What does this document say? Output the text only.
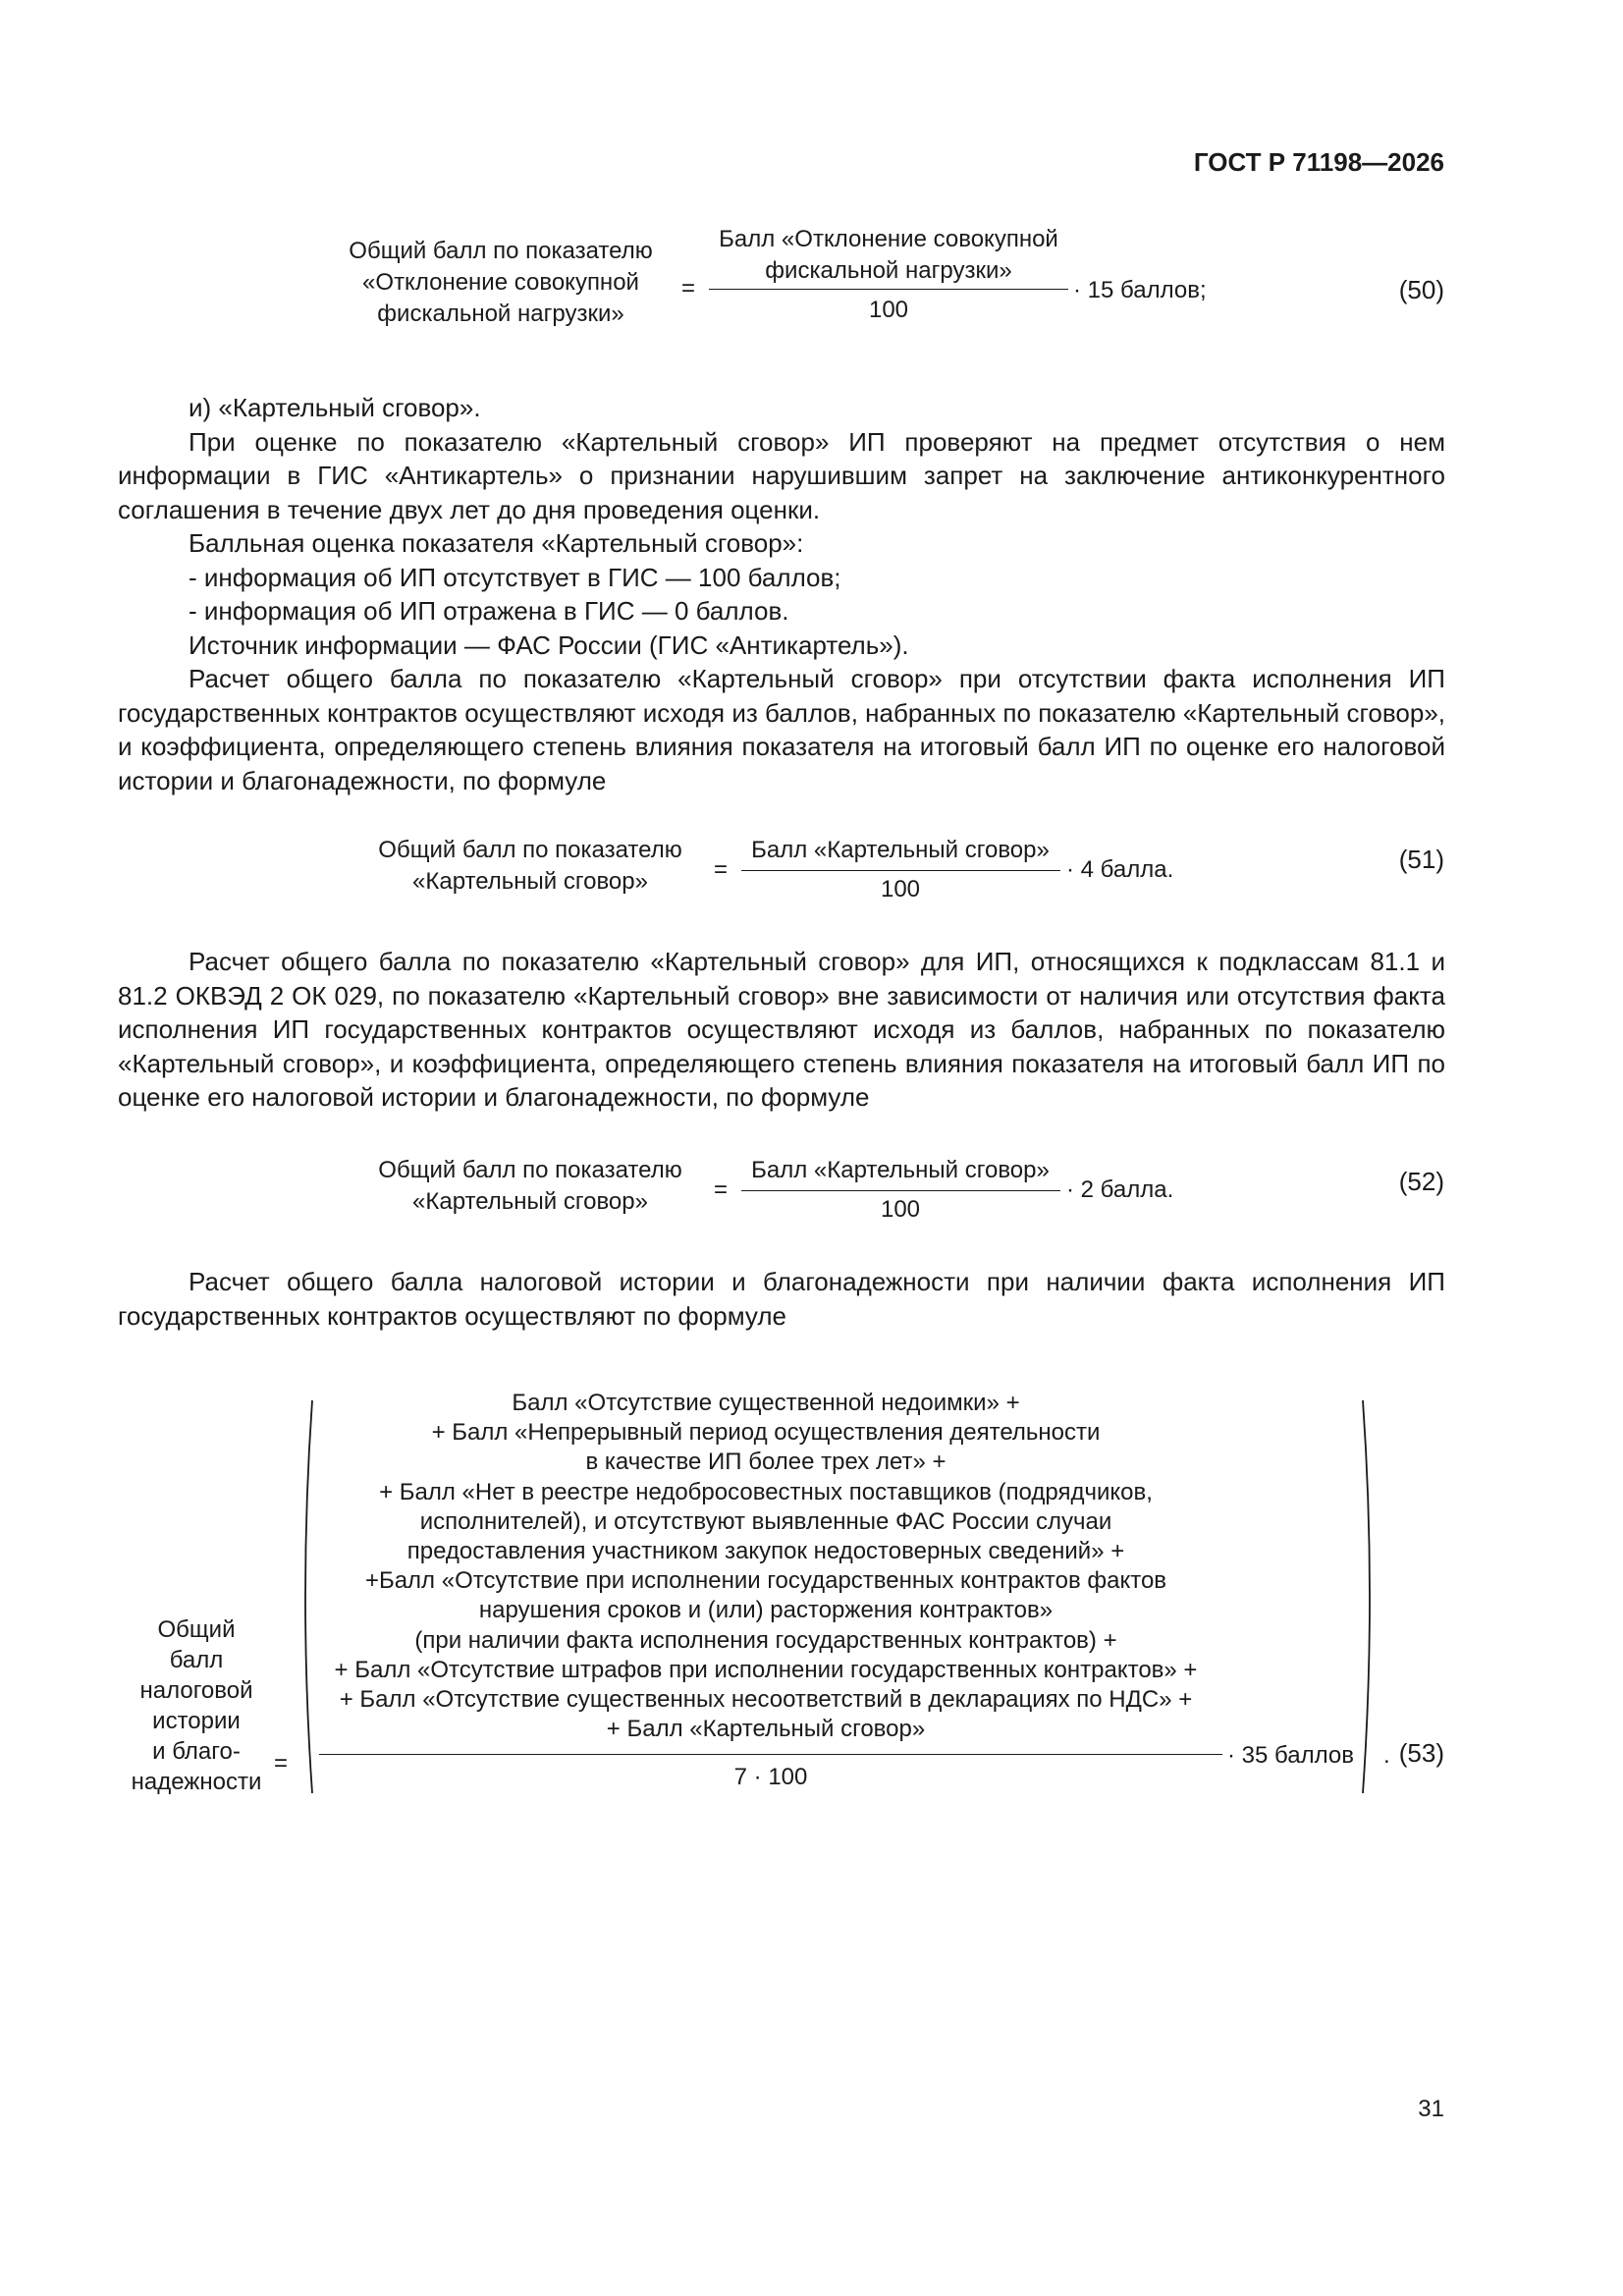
ГОСТ Р 71198—2026
Общий балл по показателю
«Отклонение совокупной
фискальной нагрузки»
=
Балл «Отклонение совокупной
фискальной нагрузки»
100
· 15 баллов;	(50)

и) «Картельный сговор».

При оценке по показателю «Картельный сговор» ИП проверяют на предмет отсутствия о нем информации в ГИС «Антикартель» о признании нарушившим запрет на заключение антиконкурентного соглашения в течение двух лет до дня проведения оценки.

Балльная оценка показателя «Картельный сговор»:

- информация об ИП отсутствует в ГИС — 100 баллов;

- информация об ИП отражена в ГИС — 0 баллов.

Источник информации — ФАС России (ГИС «Антикартель»).

Расчет общего балла по показателю «Картельный сговор» при отсутствии факта исполнения ИП государственных контрактов осуществляют исходя из баллов, набранных по показателю «Картельный сговор», и коэффициента, определяющего степень влияния показателя на итоговый балл ИП по оценке его налоговой истории и благонадежности, по формуле

Общий балл по показателю
«Картельный сговор»	=
Балл «Картельный сговор»
100
· 4 балла.	(51)

Расчет общего балла по показателю «Картельный сговор» для ИП, относящихся к подклассам 81.1 и 81.2 ОКВЭД 2 ОК 029, по показателю «Картельный сговор» вне зависимости от наличия или отсутствия факта исполнения ИП государственных контрактов осуществляют исходя из баллов, набранных по показателю «Картельный сговор», и коэффициента, определяющего степень влияния показателя на итоговый балл ИП по оценке его налоговой истории и благонадежности, по формуле

Общий балл по показателю
«Картельный сговор»	=
Балл «Картельный сговор»
100
· 2 балла.	(52)

Расчет общего балла налоговой истории и благонадежности при наличии факта исполнения ИП государственных контрактов осуществляют по формуле

Общий
балл
налоговой
истории
и благо-
надежности
=
Балл «Отсутствие существенной недоимки» +
+ Балл «Непрерывный период осуществления деятельности
в качестве ИП более трех лет» +
+ Балл «Нет в реестре недобросовестных поставщиков (подрядчиков,
исполнителей), и отсутствуют выявленные ФАС России случаи
предоставления участником закупок недостоверных сведений» +
+Балл «Отсутствие при исполнении государственных контрактов фактов
нарушения сроков и (или) расторжения контрактов»
(при наличии факта исполнения государственных контрактов) +
+ Балл «Отсутствие штрафов при исполнении государственных контрактов» +
+ Балл «Отсутствие существенных несоответствий в декларациях по НДС» +
+ Балл «Картельный сговор»
7 · 100
· 35 баллов . (53)
31
